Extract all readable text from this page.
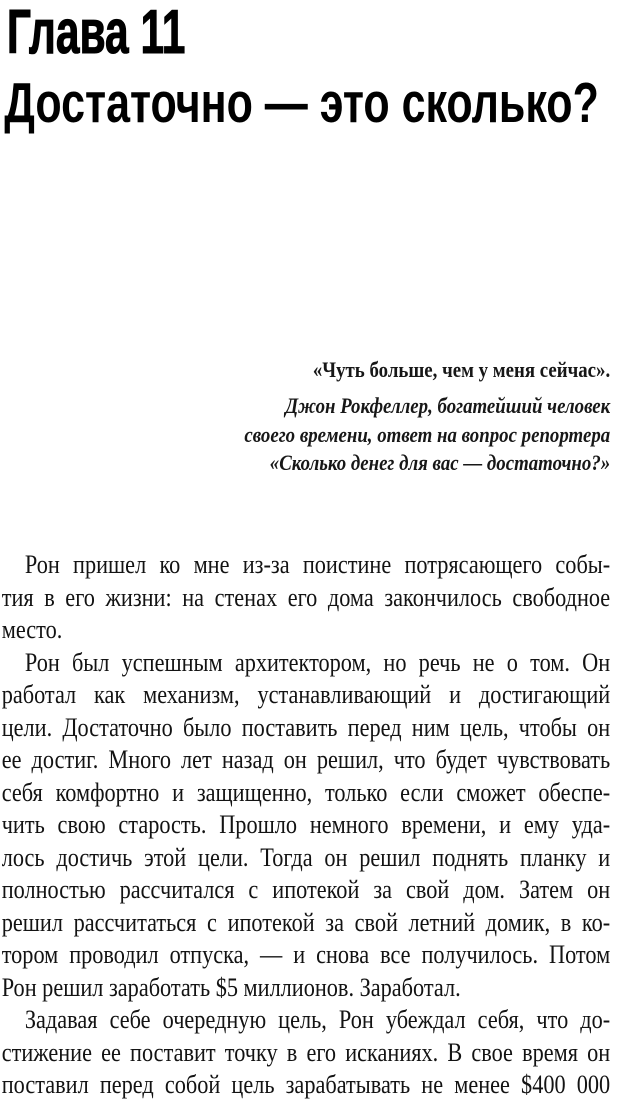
Глава 11
Достаточно — это сколько?
«Чуть больше, чем у меня сейчас».
Джон Рокфеллер, богатейший человек
своего времени, ответ на вопрос репортера
«Сколько денег для вас — достаточно?»
Рон пришел ко мне из-за поистине потрясающего собы-
тия в его жизни: на стенах его дома закончилось свободное
место.
Рон был успешным архитектором, но речь не о том. Он
работал как механизм, устанавливающий и достигающий
цели. Достаточно было поставить перед ним цель, чтобы он
ее достиг. Много лет назад он решил, что будет чувствовать
себя комфортно и защищенно, только если сможет обеспе-
чить свою старость. Прошло немного времени, и ему уда-
лось достичь этой цели. Тогда он решил поднять планку и
полностью рассчитался с ипотекой за свой дом. Затем он
решил рассчитаться с ипотекой за свой летний домик, в ко-
тором проводил отпуска, — и снова все получилось. Потом
Рон решил заработать $5 миллионов. Заработал.
Задавая себе очередную цель, Рон убеждал себя, что до-
стижение ее поставит точку в его исканиях. В свое время он
поставил перед собой цель зарабатывать не менее $400 000
